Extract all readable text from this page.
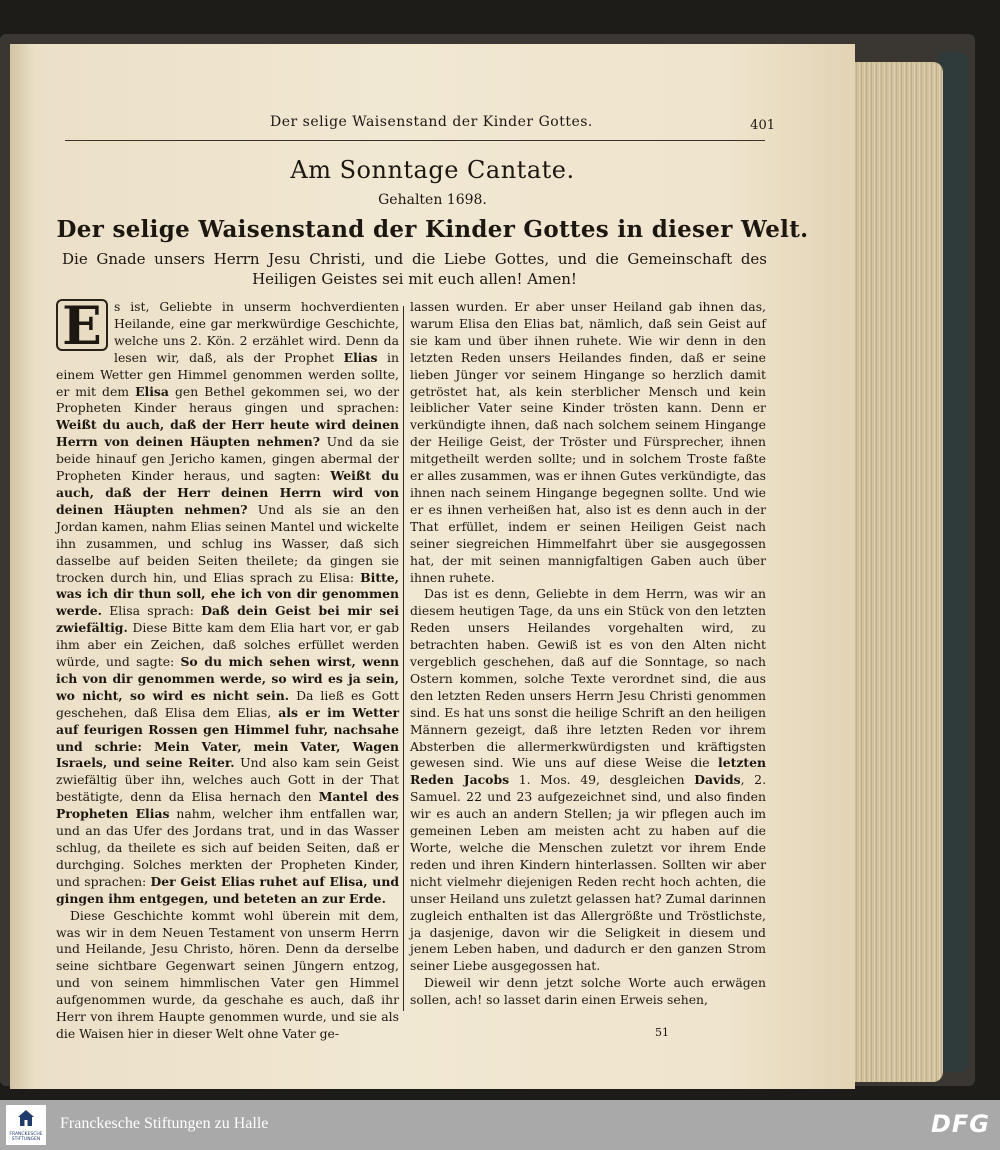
Der selige Waisenstand der Kinder Gottes.	401
Am Sonntage Cantate.
Gehalten 1698.
Der selige Waisenstand der Kinder Gottes in dieser Welt.
Die Gnade unsers Herrn Jesu Christi, und die Liebe Gottes, und die Gemeinschaft des Heiligen Geistes sei mit euch allen! Amen!

E s ist, Geliebte in unserm hochverdienten Heilande, eine gar merkwürdige Geschichte, welche uns 2. Kön. 2 erzählet wird. Denn da lesen wir, daß, als der Prophet Elias in einem Wetter gen Himmel genommen werden sollte, er mit dem Elisa gen Bethel gekommen sei, wo der Propheten Kinder heraus gingen und sprachen: Weißt du auch, daß der Herr heute wird deinen Herrn von deinen Häupten nehmen? Und da sie beide hinauf gen Jericho kamen, gingen abermal der Propheten Kinder heraus, und sagten: Weißt du auch, daß der Herr deinen Herrn wird von deinen Häupten nehmen? Und als sie an den Jordan kamen, nahm Elias seinen Mantel und wickelte ihn zusammen, und schlug ins Wasser, daß sich dasselbe auf beiden Seiten theilete; da gingen sie trocken durch hin, und Elias sprach zu Elisa: Bitte, was ich dir thun soll, ehe ich von dir genommen werde. Elisa sprach: Daß dein Geist bei mir sei zwiefältig. Diese Bitte kam dem Elia hart vor, er gab ihm aber ein Zeichen, daß solches erfüllet werden würde, und sagte: So du mich sehen wirst, wenn ich von dir genommen werde, so wird es ja sein, wo nicht, so wird es nicht sein. Da ließ es Gott geschehen, daß Elisa dem Elias, als er im Wetter auf feurigen Rossen gen Himmel fuhr, nachsahe und schrie: Mein Vater, mein Vater, Wagen Israels, und seine Reiter. Und also kam sein Geist zwiefältig über ihn, welches auch Gott in der That bestätigte, denn da Elisa hernach den Mantel des Propheten Elias nahm, welcher ihm entfallen war, und an das Ufer des Jordans trat, und in das Wasser schlug, da theilete es sich auf beiden Seiten, daß er durchging. Solches merkten der Propheten Kinder, und sprachen: Der Geist Elias ruhet auf Elisa, und gingen ihm entgegen, und beteten an zur Erde.

Diese Geschichte kommt wohl überein mit dem, was wir in dem Neuen Testament von unserm Herrn und Heilande, Jesu Christo, hören. Denn da derselbe seine sichtbare Gegenwart seinen Jüngern entzog, und von seinem himmlischen Vater gen Himmel aufgenommen wurde, da geschahe es auch, daß ihr Herr von ihrem Haupte genommen wurde, und sie als die Waisen hier in dieser Welt ohne Vater ge-

lassen wurden. Er aber unser Heiland gab ihnen das, warum Elisa den Elias bat, nämlich, daß sein Geist auf sie kam und über ihnen ruhete. Wie wir denn in den letzten Reden unsers Heilandes finden, daß er seine lieben Jünger vor seinem Hingange so herzlich damit getröstet hat, als kein sterblicher Mensch und kein leiblicher Vater seine Kinder trösten kann. Denn er verkündigte ihnen, daß nach solchem seinem Hingange der Heilige Geist, der Tröster und Fürsprecher, ihnen mitgetheilt werden sollte; und in solchem Troste faßte er alles zusammen, was er ihnen Gutes verkündigte, das ihnen nach seinem Hingange begegnen sollte. Und wie er es ihnen verheißen hat, also ist es denn auch in der That erfüllet, indem er seinen Heiligen Geist nach seiner siegreichen Himmelfahrt über sie ausgegossen hat, der mit seinen mannigfaltigen Gaben auch über ihnen ruhete.

Das ist es denn, Geliebte in dem Herrn, was wir an diesem heutigen Tage, da uns ein Stück von den letzten Reden unsers Heilandes vorgehalten wird, zu betrachten haben. Gewiß ist es von den Alten nicht vergeblich geschehen, daß auf die Sonntage, so nach Ostern kommen, solche Texte verordnet sind, die aus den letzten Reden unsers Herrn Jesu Christi genommen sind. Es hat uns sonst die heilige Schrift an den heiligen Männern gezeigt, daß ihre letzten Reden vor ihrem Absterben die allermerkwürdigsten und kräftigsten gewesen sind. Wie uns auf diese Weise die letzten Reden Jacobs 1. Mos. 49, desgleichen Davids, 2. Samuel. 22 und 23 aufgezeichnet sind, und also finden wir es auch an andern Stellen; ja wir pflegen auch im gemeinen Leben am meisten acht zu haben auf die Worte, welche die Menschen zuletzt vor ihrem Ende reden und ihren Kindern hinterlassen. Sollten wir aber nicht vielmehr diejenigen Reden recht hoch achten, die unser Heiland uns zuletzt gelassen hat? Zumal darinnen zugleich enthalten ist das Allergrößte und Tröstlichste, ja dasjenige, davon wir die Seligkeit in diesem und jenem Leben haben, und dadurch er den ganzen Strom seiner Liebe ausgegossen hat.

Dieweil wir denn jetzt solche Worte auch erwägen sollen, ach! so lasset darin einen Erweis sehen,

51
FRANCKESCHE STIFTUNGEN
Franckesche Stiftungen zu Halle	DFG
